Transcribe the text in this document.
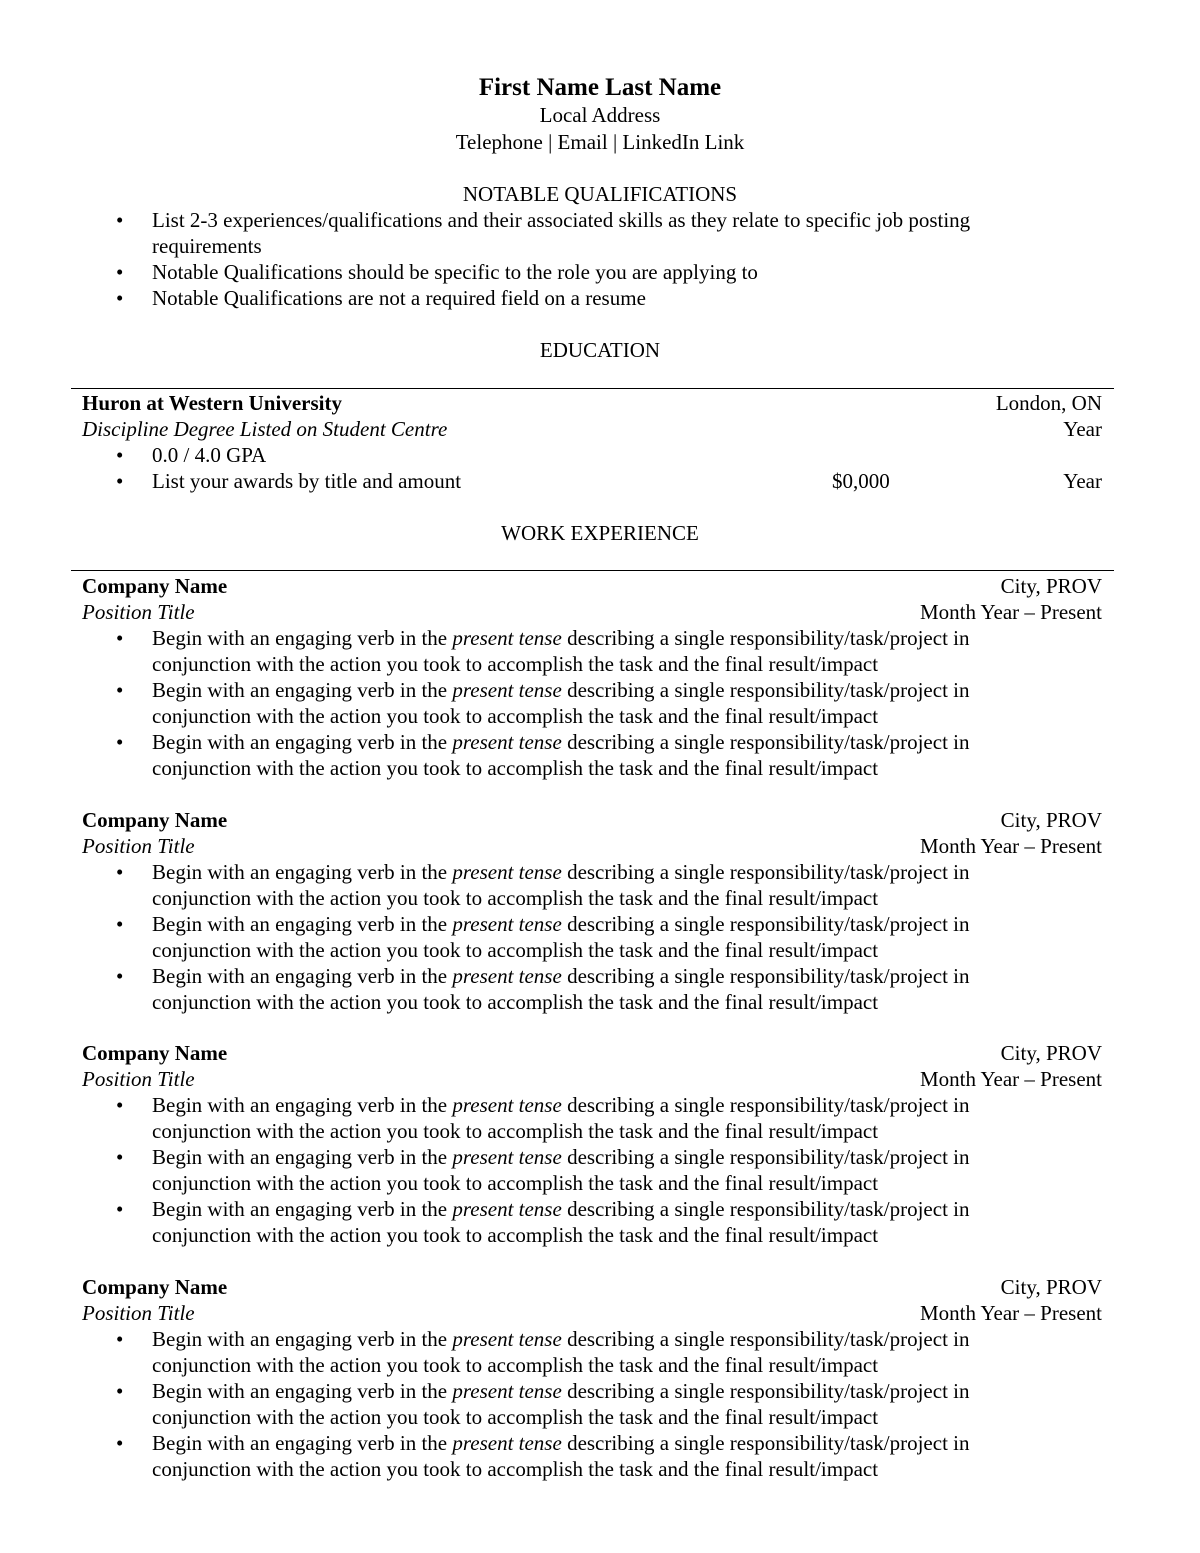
First Name Last Name
Local Address
Telephone | Email | LinkedIn Link
NOTABLE QUALIFICATIONS
• List 2-3 experiences/qualifications and their associated skills as they relate to specific job posting
requirements
• Notable Qualifications should be specific to the role you are applying to
• Notable Qualifications are not a required field on a resume
EDUCATION
Huron at Western University	London, ON
Discipline Degree Listed on Student Centre	Year
• 0.0 / 4.0 GPA
• List your awards by title and amount	$0,000	Year
WORK EXPERIENCE
Company Name	City, PROV
Position Title	Month Year – Present
• Begin with an engaging verb in the present tense describing a single responsibility/task/project in
conjunction with the action you took to accomplish the task and the final result/impact
• Begin with an engaging verb in the present tense describing a single responsibility/task/project in
conjunction with the action you took to accomplish the task and the final result/impact
• Begin with an engaging verb in the present tense describing a single responsibility/task/project in
conjunction with the action you took to accomplish the task and the final result/impact
Company Name	City, PROV
Position Title	Month Year – Present
• Begin with an engaging verb in the present tense describing a single responsibility/task/project in
conjunction with the action you took to accomplish the task and the final result/impact
• Begin with an engaging verb in the present tense describing a single responsibility/task/project in
conjunction with the action you took to accomplish the task and the final result/impact
• Begin with an engaging verb in the present tense describing a single responsibility/task/project in
conjunction with the action you took to accomplish the task and the final result/impact
Company Name	City, PROV
Position Title	Month Year – Present
• Begin with an engaging verb in the present tense describing a single responsibility/task/project in
conjunction with the action you took to accomplish the task and the final result/impact
• Begin with an engaging verb in the present tense describing a single responsibility/task/project in
conjunction with the action you took to accomplish the task and the final result/impact
• Begin with an engaging verb in the present tense describing a single responsibility/task/project in
conjunction with the action you took to accomplish the task and the final result/impact
Company Name	City, PROV
Position Title	Month Year – Present
• Begin with an engaging verb in the present tense describing a single responsibility/task/project in
conjunction with the action you took to accomplish the task and the final result/impact
• Begin with an engaging verb in the present tense describing a single responsibility/task/project in
conjunction with the action you took to accomplish the task and the final result/impact
• Begin with an engaging verb in the present tense describing a single responsibility/task/project in
conjunction with the action you took to accomplish the task and the final result/impact
